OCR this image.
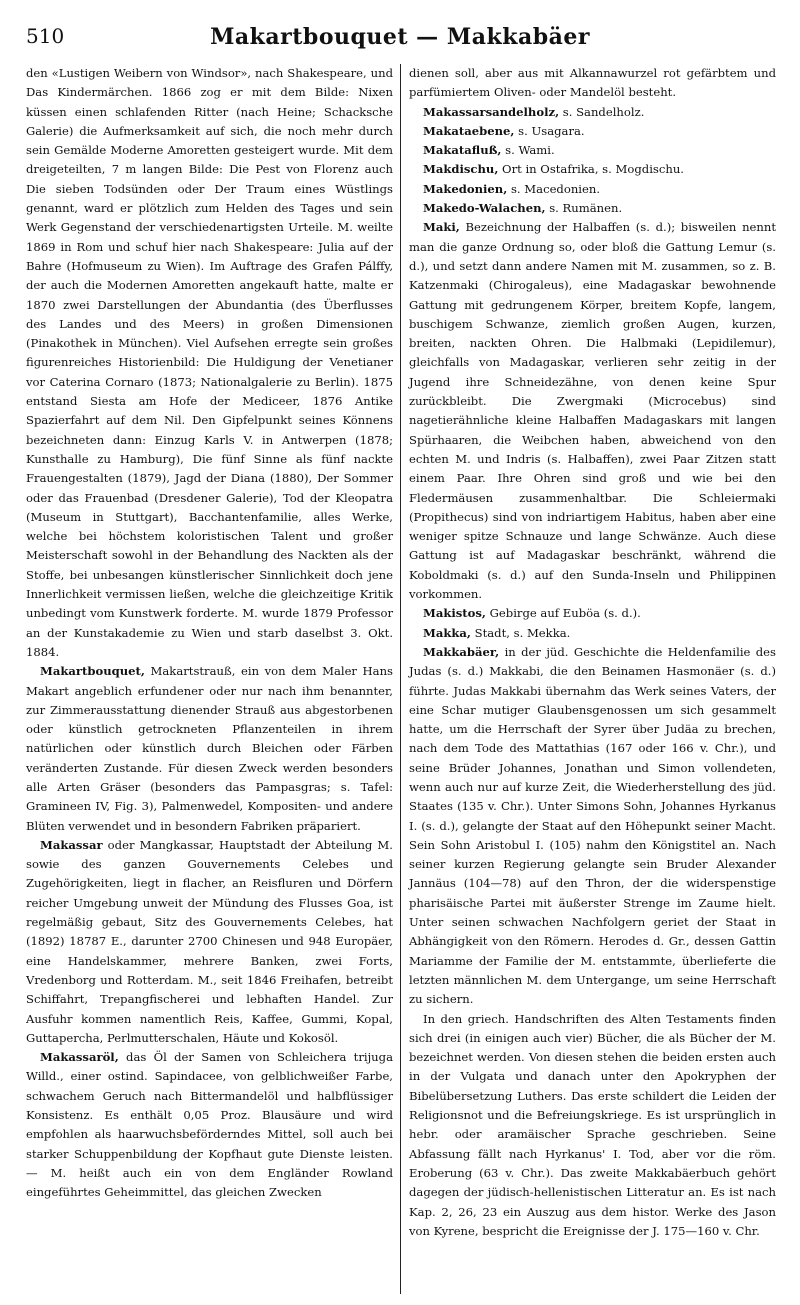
510	Makartbouquet — Makkabäer

den «Lustigen Weibern von Windsor», nach Shakespeare, und Das Kindermärchen. 1866 zog er mit dem Bilde: Nixen küssen einen schlafenden Ritter (nach Heine; Schacksche Galerie) die Aufmerksamkeit auf sich, die noch mehr durch sein Gemälde Moderne Amoretten gesteigert wurde. Mit dem dreigeteilten, 7 m langen Bilde: Die Pest von Florenz auch Die sieben Todsünden oder Der Traum eines Wüstlings genannt, ward er plötzlich zum Helden des Tages und sein Werk Gegenstand der verschiedenartigsten Urteile. M. weilte 1869 in Rom und schuf hier nach Shakespeare: Julia auf der Bahre (Hofmuseum zu Wien). Im Auftrage des Grafen Pálffy, der auch die Modernen Amoretten angekauft hatte, malte er 1870 zwei Darstellungen der Abundantia (des Überflusses des Landes und des Meers) in großen Dimensionen (Pinakothek in München). Viel Aufsehen erregte sein großes figurenreiches Historienbild: Die Huldigung der Venetianer vor Caterina Cornaro (1873; Nationalgalerie zu Berlin). 1875 entstand Siesta am Hofe der Mediceer, 1876 Antike Spazierfahrt auf dem Nil. Den Gipfelpunkt seines Könnens bezeichneten dann: Einzug Karls V. in Antwerpen (1878; Kunsthalle zu Hamburg), Die fünf Sinne als fünf nackte Frauengestalten (1879), Jagd der Diana (1880), Der Sommer oder das Frauenbad (Dresdener Galerie), Tod der Kleopatra (Museum in Stuttgart), Bacchantenfamilie, alles Werke, welche bei höchstem koloristischen Talent und großer Meisterschaft sowohl in der Behandlung des Nackten als der Stoffe, bei unbesangen künstlerischer Sinnlichkeit doch jene Innerlichkeit vermissen ließen, welche die gleichzeitige Kritik unbedingt vom Kunstwerk forderte. M. wurde 1879 Professor an der Kunstakademie zu Wien und starb daselbst 3. Okt. 1884.

Makartbouquet, Makartstrauß, ein von dem Maler Hans Makart angeblich erfundener oder nur nach ihm benannter, zur Zimmerausstattung dienender Strauß aus abgestorbenen oder künstlich getrockneten Pflanzenteilen in ihrem natürlichen oder künstlich durch Bleichen oder Färben veränderten Zustande. Für diesen Zweck werden besonders alle Arten Gräser (besonders das Pampasgras; s. Tafel: Gramineen IV, Fig. 3), Palmenwedel, Kompositen- und andere Blüten verwendet und in besondern Fabriken präpariert.

Makassar oder Mangkassar, Hauptstadt der Abteilung M. sowie des ganzen Gouvernements Celebes und Zugehörigkeiten, liegt in flacher, an Reisfluren und Dörfern reicher Umgebung unweit der Mündung des Flusses Goa, ist regelmäßig gebaut, Sitz des Gouvernements Celebes, hat (1892) 18787 E., darunter 2700 Chinesen und 948 Europäer, eine Handelskammer, mehrere Banken, zwei Forts, Vredenborg und Rotterdam. M., seit 1846 Freihafen, betreibt Schiffahrt, Trepangfischerei und lebhaften Handel. Zur Ausfuhr kommen namentlich Reis, Kaffee, Gummi, Kopal, Guttapercha, Perlmutterschalen, Häute und Kokosöl.

Makassaröl, das Öl der Samen von Schleichera trijuga Willd., einer ostind. Sapindacee, von gelblichweißer Farbe, schwachem Geruch nach Bittermandelöl und halbflüssiger Konsistenz. Es enthält 0,05 Proz. Blausäure und wird empfohlen als haarwuchsbeförderndes Mittel, soll auch bei starker Schuppenbildung der Kopfhaut gute Dienste leisten. — M. heißt auch ein von dem Engländer Rowland eingeführtes Geheimmittel, das gleichen Zwecken

dienen soll, aber aus mit Alkannawurzel rot gefärbtem und parfümiertem Oliven- oder Mandelöl besteht.

Makassarsandelholz, s. Sandelholz.

Makataebene, s. Usagara.

Makatafluß, s. Wami.

Makdischu, Ort in Ostafrika, s. Mogdischu.

Makedonien, s. Macedonien.

Makedo-Walachen, s. Rumänen.

Maki, Bezeichnung der Halbaffen (s. d.); bisweilen nennt man die ganze Ordnung so, oder bloß die Gattung Lemur (s. d.), und setzt dann andere Namen mit M. zusammen, so z. B. Katzenmaki (Chirogaleus), eine Madagaskar bewohnende Gattung mit gedrungenem Körper, breitem Kopfe, langem, buschigem Schwanze, ziemlich großen Augen, kurzen, breiten, nackten Ohren. Die Halbmaki (Lepidilemur), gleichfalls von Madagaskar, verlieren sehr zeitig in der Jugend ihre Schneidezähne, von denen keine Spur zurückbleibt. Die Zwergmaki (Microcebus) sind nagetierähnliche kleine Halbaffen Madagaskars mit langen Spürhaaren, die Weibchen haben, abweichend von den echten M. und Indris (s. Halbaffen), zwei Paar Zitzen statt einem Paar. Ihre Ohren sind groß und wie bei den Fledermäusen zusammenhaltbar. Die Schleiermaki (Propithecus) sind von indriartigem Habitus, haben aber eine weniger spitze Schnauze und lange Schwänze. Auch diese Gattung ist auf Madagaskar beschränkt, während die Koboldmaki (s. d.) auf den Sunda-Inseln und Philippinen vorkommen.

Makistos, Gebirge auf Euböa (s. d.).

Makka, Stadt, s. Mekka.

Makkabäer, in der jüd. Geschichte die Heldenfamilie des Judas (s. d.) Makkabi, die den Beinamen Hasmonäer (s. d.) führte. Judas Makkabi übernahm das Werk seines Vaters, der eine Schar mutiger Glaubensgenossen um sich gesammelt hatte, um die Herrschaft der Syrer über Judäa zu brechen, nach dem Tode des Mattathias (167 oder 166 v. Chr.), und seine Brüder Johannes, Jonathan und Simon vollendeten, wenn auch nur auf kurze Zeit, die Wiederherstellung des jüd. Staates (135 v. Chr.). Unter Simons Sohn, Johannes Hyrkanus I. (s. d.), gelangte der Staat auf den Höhepunkt seiner Macht. Sein Sohn Aristobul I. (105) nahm den Königstitel an. Nach seiner kurzen Regierung gelangte sein Bruder Alexander Jannäus (104—78) auf den Thron, der die widerspenstige pharisäische Partei mit äußerster Strenge im Zaume hielt. Unter seinen schwachen Nachfolgern geriet der Staat in Abhängigkeit von den Römern. Herodes d. Gr., dessen Gattin Mariamme der Familie der M. entstammte, überlieferte die letzten männlichen M. dem Untergange, um seine Herrschaft zu sichern.

In den griech. Handschriften des Alten Testaments finden sich drei (in einigen auch vier) Bücher, die als Bücher der M. bezeichnet werden. Von diesen stehen die beiden ersten auch in der Vulgata und danach unter den Apokryphen der Bibelübersetzung Luthers. Das erste schildert die Leiden der Religionsnot und die Befreiungskriege. Es ist ursprünglich in hebr. oder aramäischer Sprache geschrieben. Seine Abfassung fällt nach Hyrkanus' I. Tod, aber vor die röm. Eroberung (63 v. Chr.). Das zweite Makkabäerbuch gehört dagegen der jüdisch-hellenistischen Litteratur an. Es ist nach Kap. 2, 26, 23 ein Auszug aus dem histor. Werke des Jason von Kyrene, bespricht die Ereignisse der J. 175—160 v. Chr.
